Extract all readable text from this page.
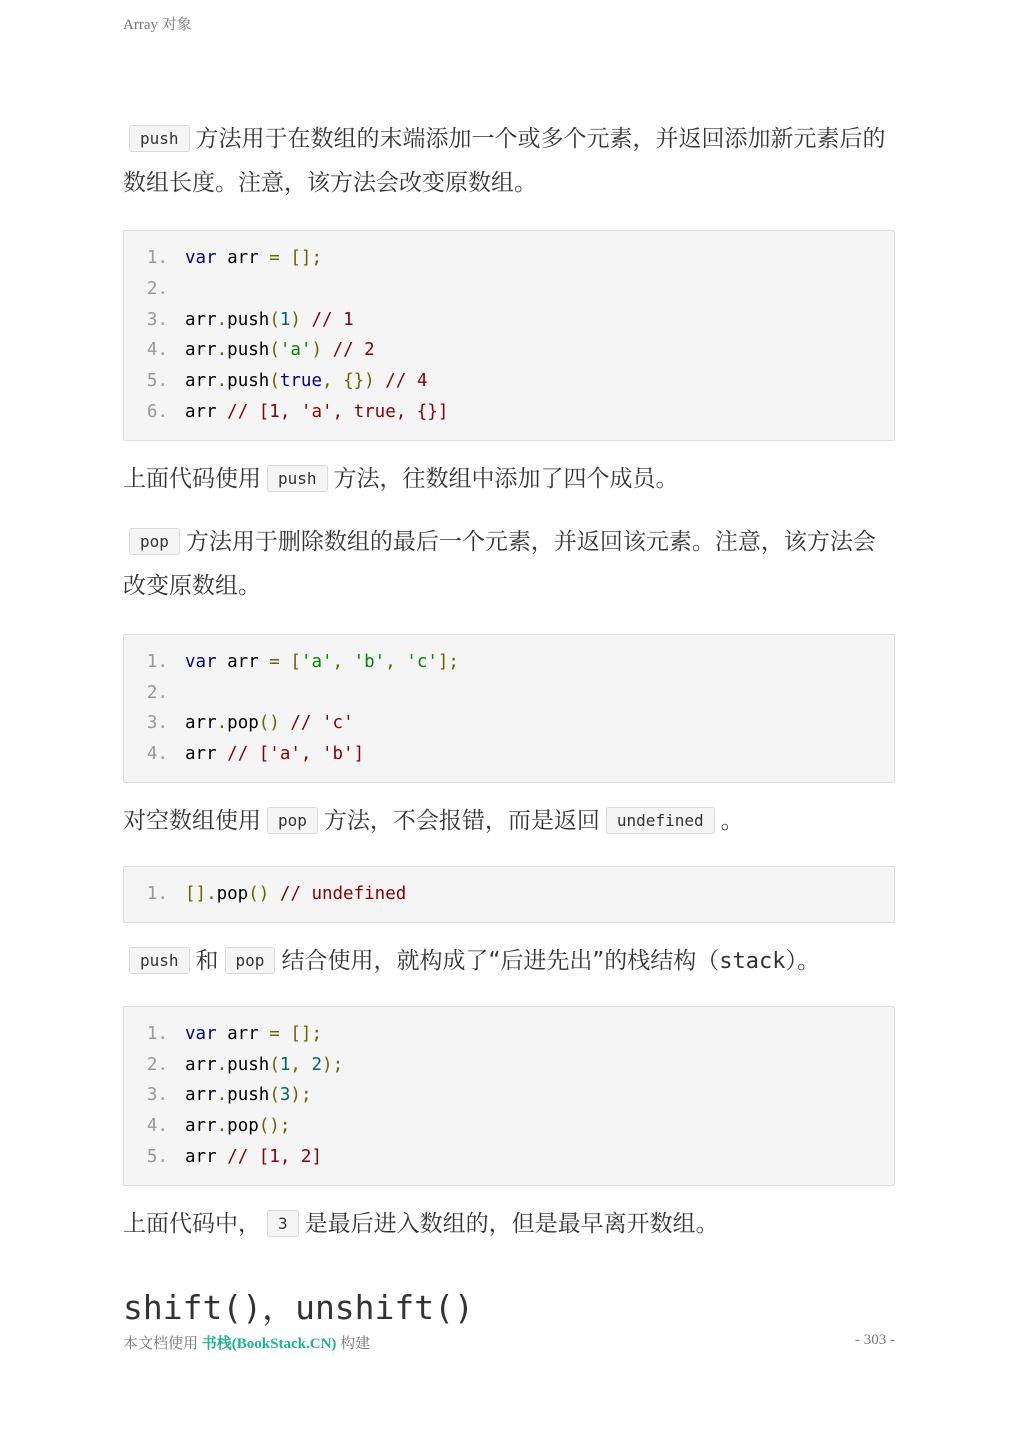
Array 对象

push 方法用于在数组的末端添加一个或多个元素，并返回添加新元素后的数组长度。注意，该方法会改变原数组。

1. var arr = [];
2.
3. arr.push(1) // 1
4. arr.push('a') // 2
5. arr.push(true, {}) // 4
6. arr // [1, 'a', true, {}]

上面代码使用 push 方法，往数组中添加了四个成员。

pop 方法用于删除数组的最后一个元素，并返回该元素。注意，该方法会改变原数组。

1. var arr = ['a', 'b', 'c'];
2.
3. arr.pop() // 'c'
4. arr // ['a', 'b']

对空数组使用 pop 方法，不会报错，而是返回 undefined 。

1. [].pop() // undefined

push 和 pop 结合使用，就构成了“后进先出”的栈结构（stack）。

1. var arr = [];
2. arr.push(1, 2);
3. arr.push(3);
4. arr.pop();
5. arr // [1, 2]

上面代码中， 3 是最后进入数组的，但是最早离开数组。

shift()，unshift()
本文档使用 书栈(BookStack.CN) 构建	- 303 -
